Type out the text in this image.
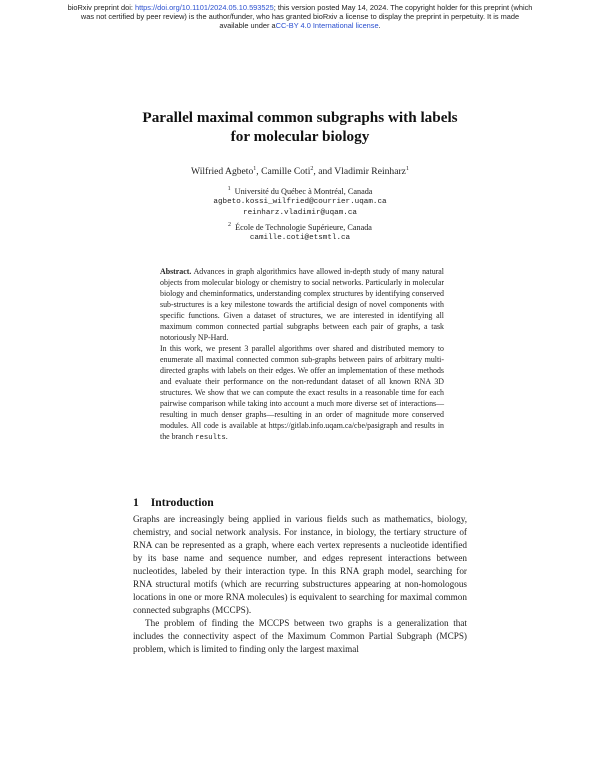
bioRxiv preprint doi: https://doi.org/10.1101/2024.05.10.593525; this version posted May 14, 2024. The copyright holder for this preprint (which
was not certified by peer review) is the author/funder, who has granted bioRxiv a license to display the preprint in perpetuity. It is made
available under aCC-BY 4.0 International license.
Parallel maximal common subgraphs with labels
for molecular biology
Wilfried Agbeto$^1$, Camille Coti$^2$, and Vladimir Reinharz$^1$
$^1$ Université du Québec à Montréal, Canada
agbeto.kossi_wilfried@courrier.uqam.ca
reinharz.vladimir@uqam.ca
$^2$ École de Technologie Supérieure, Canada
camille.coti@etsmtl.ca

Abstract. Advances in graph algorithmics have allowed in-depth study of many natural objects from molecular biology or chemistry to social networks. Particularly in molecular biology and cheminformatics, understanding complex structures by identifying conserved sub-structures is a key milestone towards the artificial design of novel components with specific functions. Given a dataset of structures, we are interested in identifying all maximum common connected partial subgraphs between each pair of graphs, a task notoriously NP-Hard.

In this work, we present 3 parallel algorithms over shared and distributed memory to enumerate all maximal connected common sub-graphs between pairs of arbitrary multi-directed graphs with labels on their edges. We offer an implementation of these methods and evaluate their performance on the non-redundant dataset of all known RNA 3D structures. We show that we can compute the exact results in a reasonable time for each pairwise comparison while taking into account a much more diverse set of interactions—resulting in much denser graphs—resulting in an order of magnitude more conserved modules. All code is available at https://gitlab.info.uqam.ca/cbe/pasigraph and results in the branch results.

1 Introduction

Graphs are increasingly being applied in various fields such as mathematics, biology, chemistry, and social network analysis. For instance, in biology, the tertiary structure of RNA can be represented as a graph, where each vertex represents a nucleotide identified by its base name and sequence number, and edges represent interactions between nucleotides, labeled by their interaction type. In this RNA graph model, searching for RNA structural motifs (which are recurring substructures appearing at non-homologous locations in one or more RNA molecules) is equivalent to searching for maximal common connected subgraphs (MCCPS).

The problem of finding the MCCPS between two graphs is a generalization that includes the connectivity aspect of the Maximum Common Partial Subgraph (MCPS) problem, which is limited to finding only the largest maximal
